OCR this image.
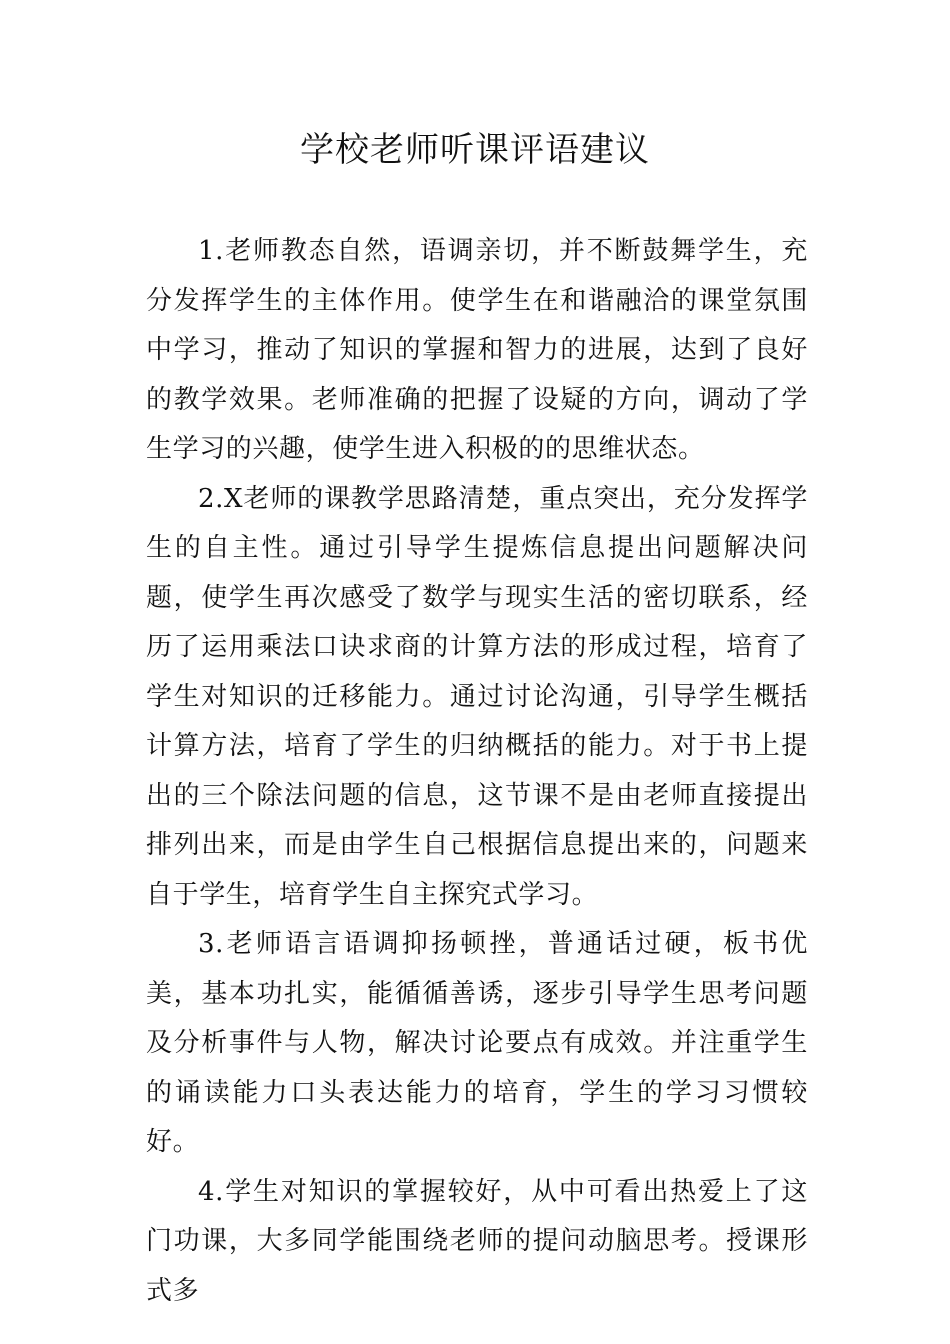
学校老师听课评语建议

1.老师教态自然，语调亲切，并不断鼓舞学生，充分发挥学生的主体作用。使学生在和谐融洽的课堂氛围中学习，推动了知识的掌握和智力的进展，达到了良好的教学效果。老师准确的把握了设疑的方向，调动了学生学习的兴趣，使学生进入积极的的思维状态。

2.X老师的课教学思路清楚，重点突出，充分发挥学生的自主性。通过引导学生提炼信息提出问题解决问题，使学生再次感受了数学与现实生活的密切联系，经历了运用乘法口诀求商的计算方法的形成过程，培育了学生对知识的迁移能力。通过讨论沟通，引导学生概括计算方法，培育了学生的归纳概括的能力。对于书上提出的三个除法问题的信息，这节课不是由老师直接提出排列出来，而是由学生自己根据信息提出来的，问题来自于学生，培育学生自主探究式学习。

3.老师语言语调抑扬顿挫，普通话过硬，板书优美，基本功扎实，能循循善诱，逐步引导学生思考问题及分析事件与人物，解决讨论要点有成效。并注重学生的诵读能力口头表达能力的培育，学生的学习习惯较好。

4.学生对知识的掌握较好，从中可看出热爱上了这门功课，大多同学能围绕老师的提问动脑思考。授课形式多
